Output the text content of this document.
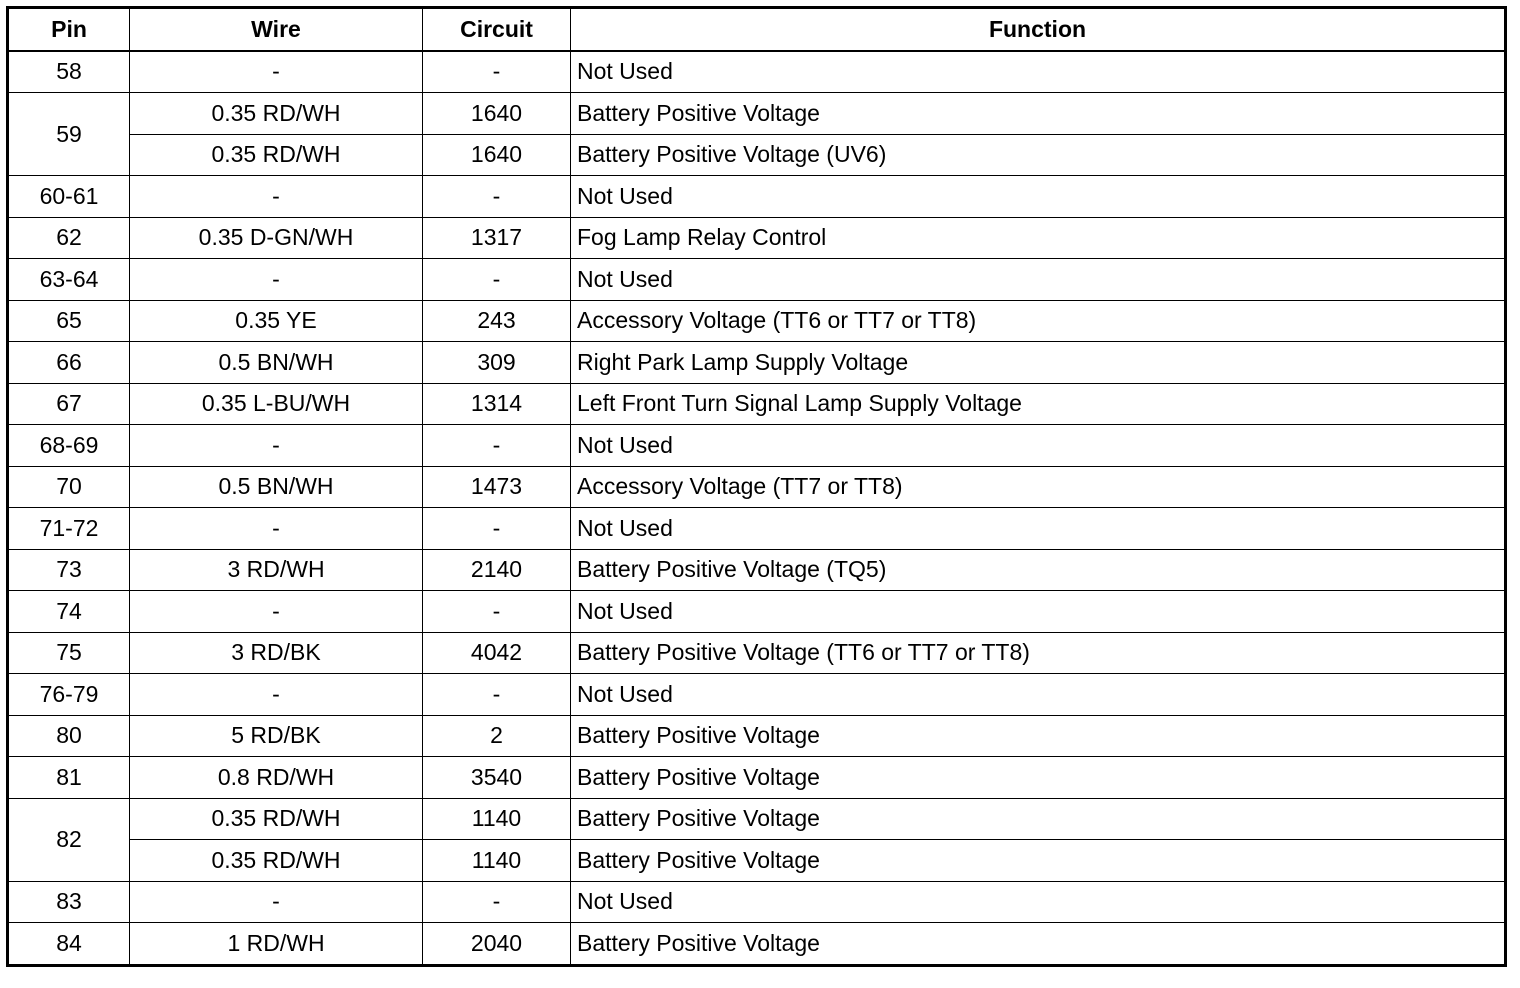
Pin	Wire	Circuit	Function
58	-	-	Not Used
59	0.35 RD/WH	1640	Battery Positive Voltage
	0.35 RD/WH	1640	Battery Positive Voltage (UV6)
60-61	-	-	Not Used
62	0.35 D-GN/WH	1317	Fog Lamp Relay Control
63-64	-	-	Not Used
65	0.35 YE	243	Accessory Voltage (TT6 or TT7 or TT8)
66	0.5 BN/WH	309	Right Park Lamp Supply Voltage
67	0.35 L-BU/WH	1314	Left Front Turn Signal Lamp Supply Voltage
68-69	-	-	Not Used
70	0.5 BN/WH	1473	Accessory Voltage (TT7 or TT8)
71-72	-	-	Not Used
73	3 RD/WH	2140	Battery Positive Voltage (TQ5)
74	-	-	Not Used
75	3 RD/BK	4042	Battery Positive Voltage (TT6 or TT7 or TT8)
76-79	-	-	Not Used
80	5 RD/BK	2	Battery Positive Voltage
81	0.8 RD/WH	3540	Battery Positive Voltage
82	0.35 RD/WH	1140	Battery Positive Voltage
	0.35 RD/WH	1140	Battery Positive Voltage
83	-	-	Not Used
84	1 RD/WH	2040	Battery Positive Voltage
